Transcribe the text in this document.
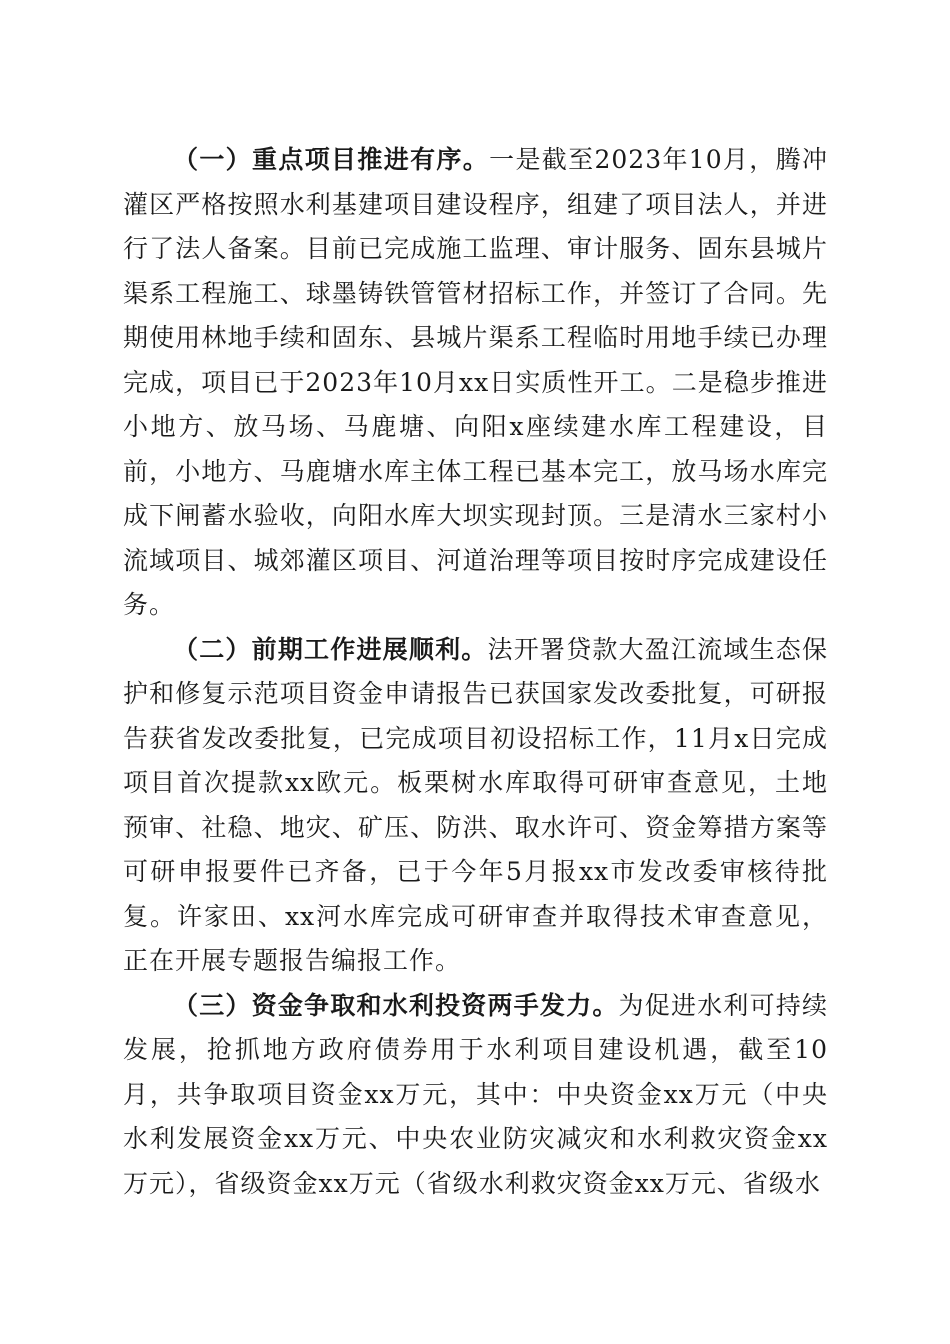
（一）重点项目推进有序。一是截至2023年10月，腾冲灌区严格按照水利基建项目建设程序，组建了项目法人，并进行了法人备案。目前已完成施工监理、审计服务、固东县城片渠系工程施工、球墨铸铁管管材招标工作，并签订了合同。先期使用林地手续和固东、县城片渠系工程临时用地手续已办理完成，项目已于2023年10月xx日实质性开工。二是稳步推进小地方、放马场、马鹿塘、向阳x座续建水库工程建设，目前，小地方、马鹿塘水库主体工程已基本完工，放马场水库完成下闸蓄水验收，向阳水库大坝实现封顶。三是清水三家村小流域项目、城郊灌区项目、河道治理等项目按时序完成建设任务。

（二）前期工作进展顺利。法开署贷款大盈江流域生态保护和修复示范项目资金申请报告已获国家发改委批复，可研报告获省发改委批复，已完成项目初设招标工作，11月x日完成项目首次提款xx欧元。板栗树水库取得可研审查意见，土地预审、社稳、地灾、矿压、防洪、取水许可、资金筹措方案等可研申报要件已齐备，已于今年5月报xx市发改委审核待批复。许家田、xx河水库完成可研审查并取得技术审查意见，正在开展专题报告编报工作。

（三）资金争取和水利投资两手发力。为促进水利可持续发展，抢抓地方政府债券用于水利项目建设机遇，截至10月，共争取项目资金xx万元，其中：中央资金xx万元（中央水利发展资金xx万元、中央农业防灾减灾和水利救灾资金xx万元），省级资金xx万元（省级水利救灾资金xx万元、省级水
